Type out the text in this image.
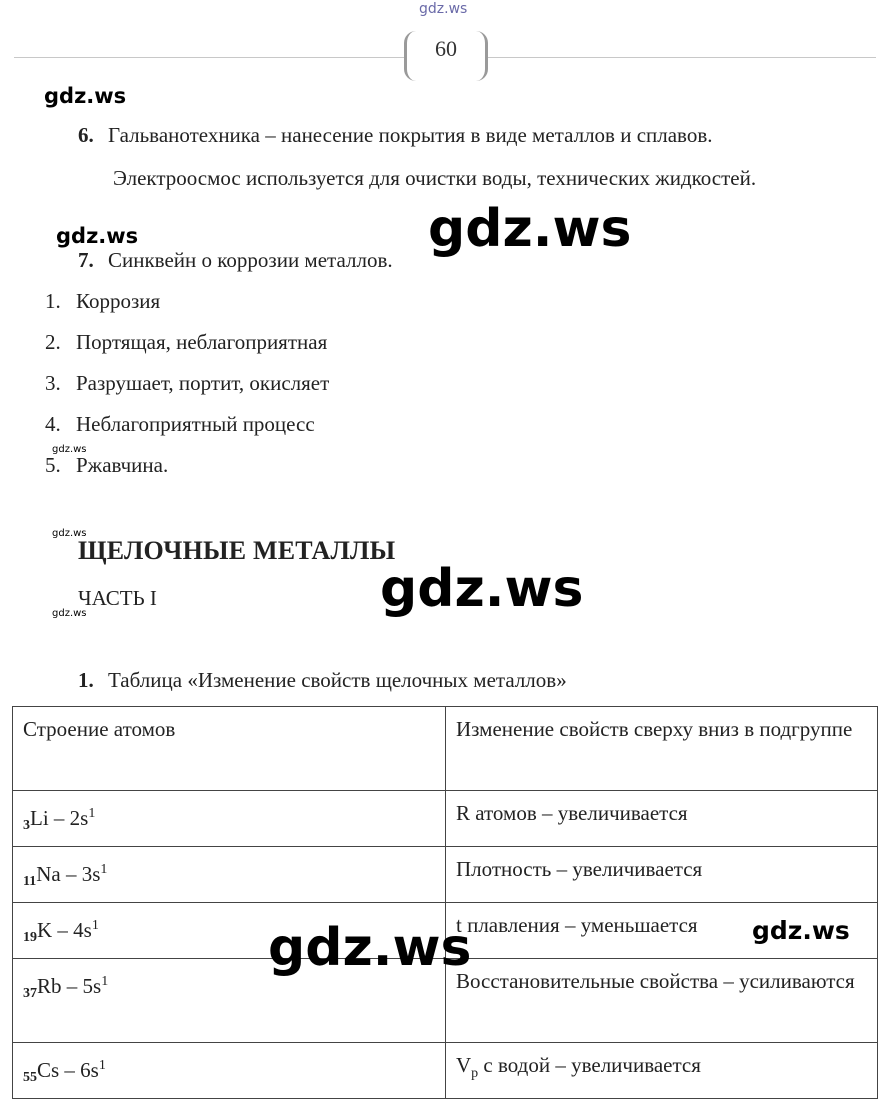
60
gdz.ws
gdz.ws
gdz.ws	gdz.ws
gdz.ws
gdz.ws
gdz.ws	gdz.ws
6. Гальванотехника – нанесение покрытия в виде металлов и сплавов.
Электроосмос используется для очистки воды, технических жидкостей.
7. Синквейн о коррозии металлов.
1. Коррозия
2. Портящая, неблагоприятная
3. Разрушает, портит, окисляет
4. Неблагоприятный процесс
5. Ржавчина.
ЩЕЛОЧНЫЕ МЕТАЛЛЫ
ЧАСТЬ I
1. Таблица «Изменение свойств щелочных металлов»
Строение атомов	Изменение свойств сверху вниз в подгруппе
$_3Li - 2s^1$	R атомов – увеличивается
$_{11}Na - 3s^1$	Плотность – увеличивается
$_{19}K - 4s^1$	t плавления – уменьшается
$_{37}Rb - 5s^1$	Восстановительные свойства – усиливаются
$_{55}Cs - 6s^1$	$V_р$ с водой – увеличивается
gdz.ws	gdz.ws
